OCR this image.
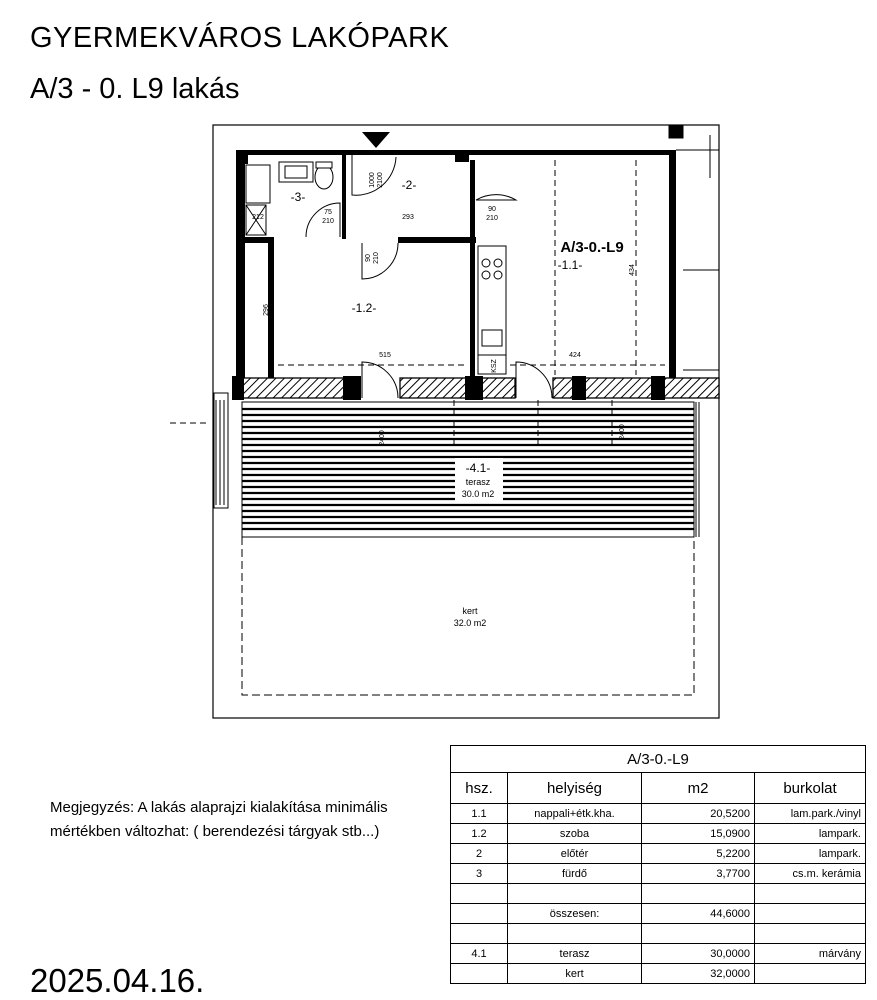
GYERMEKVÁROS LAKÓPARK
A/3 - 0. L9 lakás
A/3-0.-L9
-1.1-
-1.2-
-2-
-3-
-4.1-
terasz
30.0 m2
kert
32.0 m2
212	293
515	424
75
210
90
210
434
296
1000 2100
90 210
2400	2400
KSZ
Megjegyzés: A lakás alaprajzi kialakítása minimális
mértékben változhat: ( berendezési tárgyak stb...)
A/3-0.-L9			
hsz.	helyiség	m2	burkolat
1.1	nappali+étk.kha.	20,5200	lam.park./vinyl
1.2	szoba	15,0900	lampark.
2	előtér	5,2200	lampark.
3	fürdő	3,7700	cs.m. kerámia

	összesen:	44,6000	

4.1	terasz	30,0000	márvány
	kert	32,0000	
2025.04.16.
